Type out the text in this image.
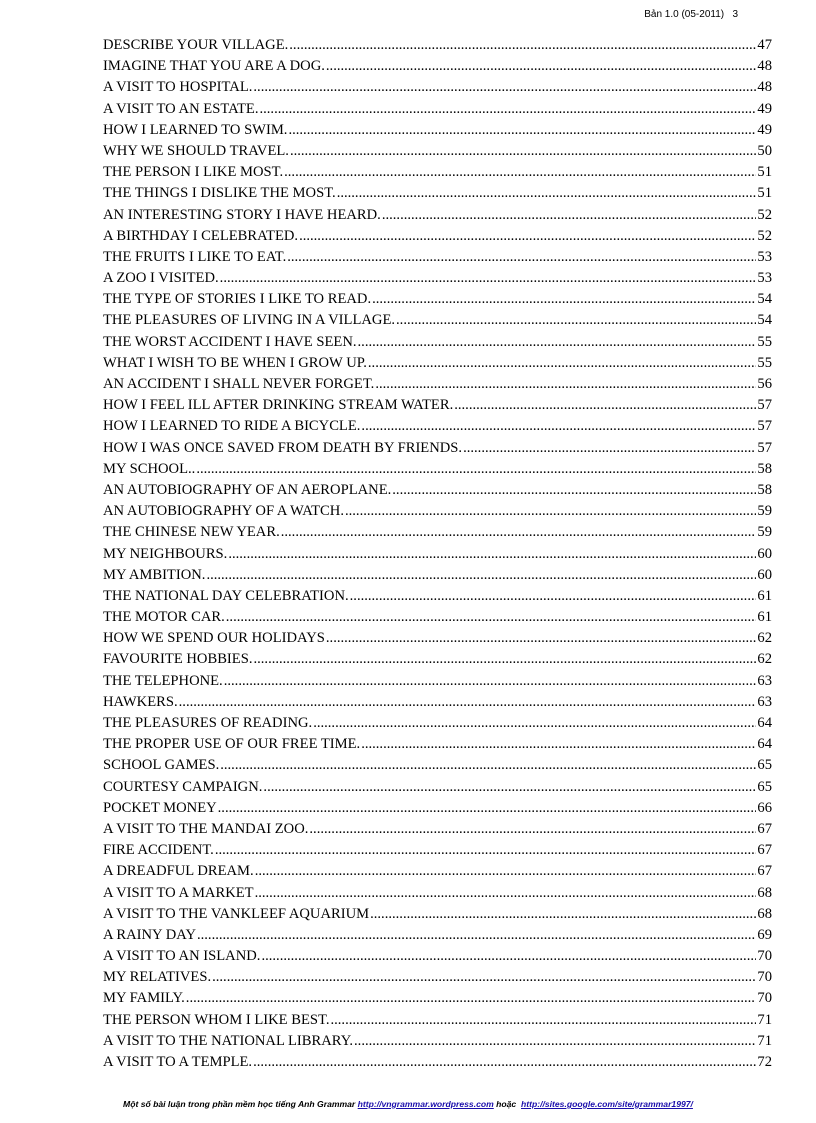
Bản 1.0 (05-2011) 3
DESCRIBE YOUR VILLAGE. .....	47
IMAGINE THAT YOU ARE A DOG. .....	48
A VISIT TO HOSPITAL. .....	48
A VISIT TO AN ESTATE. .....	49
HOW I LEARNED TO SWIM. .....	49
WHY WE SHOULD TRAVEL. .....	50
THE PERSON I LIKE MOST. .....	51
THE THINGS I DISLIKE THE MOST. .....	51
AN INTERESTING STORY I HAVE HEARD. .....	52
A BIRTHDAY I CELEBRATED. .....	52
THE FRUITS I LIKE TO EAT. .....	53
A ZOO I VISITED. .....	53
THE TYPE OF STORIES I LIKE TO READ. .....	54
THE PLEASURES OF LIVING IN A VILLAGE. .....	54
THE WORST ACCIDENT I HAVE SEEN. .....	55
WHAT I WISH TO BE WHEN I GROW UP. .....	55
AN ACCIDENT I SHALL NEVER FORGET. .....	56
HOW I FEEL ILL AFTER DRINKING STREAM WATER. .....	57
HOW I LEARNED TO RIDE A BICYCLE. .....	57
HOW I WAS ONCE SAVED FROM DEATH BY FRIENDS. .....	57
MY SCHOOL.. .....	58
AN AUTOBIOGRAPHY OF AN AEROPLANE. .....	58
AN AUTOBIOGRAPHY OF A WATCH. .....	59
THE CHINESE NEW YEAR. .....	59
MY NEIGHBOURS. .....	60
MY AMBITION. .....	60
THE NATIONAL DAY CELEBRATION. .....	61
THE MOTOR CAR. .....	61
HOW WE SPEND OUR HOLIDAYS .....	62
FAVOURITE HOBBIES. .....	62
THE TELEPHONE. .....	63
HAWKERS. .....	63
THE PLEASURES OF READING. .....	64
THE PROPER USE OF OUR FREE TIME. .....	64
SCHOOL GAMES. .....	65
COURTESY CAMPAIGN. .....	65
POCKET MONEY .....	66
A VISIT TO THE MANDAI ZOO. .....	67
FIRE ACCIDENT. .....	67
A DREADFUL DREAM. .....	67
A VISIT TO A MARKET .....	68
A VISIT TO THE VANKLEEF AQUARIUM .....	68
A RAINY DAY .....	69
A VISIT TO AN ISLAND. .....	70
MY RELATIVES. .....	70
MY FAMILY. .....	70
THE PERSON WHOM I LIKE BEST. .....	71
A VISIT TO THE NATIONAL LIBRARY. .....	71
A VISIT TO A TEMPLE. .....	72
Một số bài luận trong phần mềm học tiếng Anh Grammar http://vngrammar.wordpress.com hoặc http://sites.google.com/site/grammar1997/
